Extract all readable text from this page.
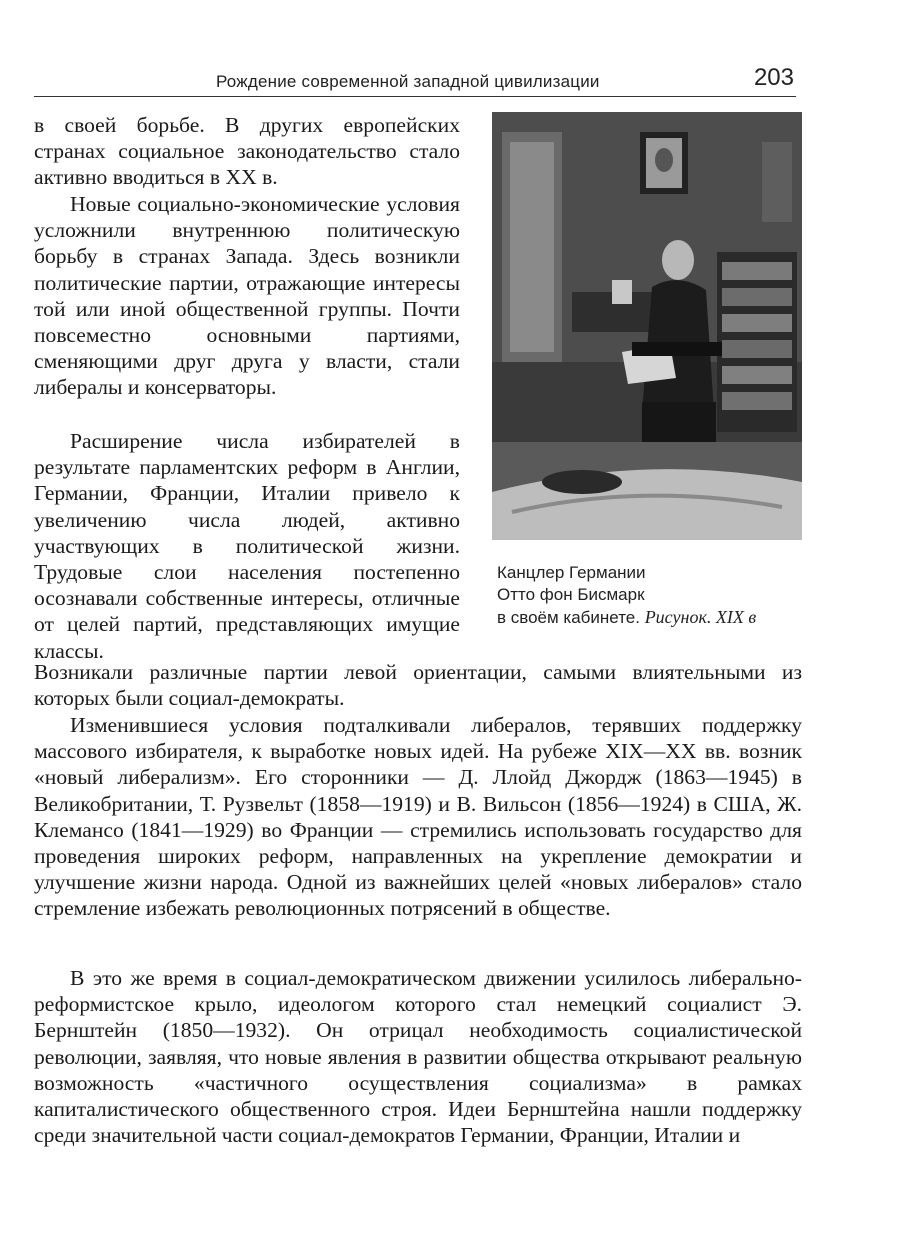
Рождение современной западной цивилизации	203

в своей борьбе. В других европейских странах социальное законодательство стало активно вводиться в XX в.

Новые социально-экономические условия усложнили внутреннюю политическую борьбу в странах Запада. Здесь возникли политические партии, отражающие интересы той или иной общественной группы. Почти повсеместно основными партиями, сменяющими друг друга у власти, стали либералы и консерваторы.

Расширение числа избирателей в результате парламентских реформ в Англии, Германии, Франции, Италии привело к увеличению числа людей, активно участвующих в политической жизни. Трудовые слои населения постепенно осознавали собственные интересы, отличные от целей партий, представляющих имущие классы.

Возникали различные партии левой ориентации, самыми влиятельными из которых были социал-демократы.

Изменившиеся условия подталкивали либералов, терявших поддержку массового избирателя, к выработке новых идей. На рубеже XIX—XX вв. возник «новый либерализм». Его сторонники — Д. Ллойд Джордж (1863—1945) в Великобритании, Т. Рузвельт (1858—1919) и В. Вильсон (1856—1924) в США, Ж. Клемансо (1841—1929) во Франции — стремились использовать государство для проведения широких реформ, направленных на укрепление демократии и улучшение жизни народа. Одной из важнейших целей «новых либералов» стало стремление избежать революционных потрясений в обществе.

В это же время в социал-демократическом движении усилилось либерально-реформистское крыло, идеологом которого стал немецкий социалист Э. Бернштейн (1850—1932). Он отрицал необходимость социалистической революции, заявляя, что новые явления в развитии общества открывают реальную возможность «частичного осуществления социализма» в рамках капиталистического общественного строя. Идеи Бернштейна нашли поддержку среди значительной части социал-демократов Германии, Франции, Италии и

Канцлер Германии
Отто фон Бисмарк
в своём кабинете. Рисунок. XIX в
